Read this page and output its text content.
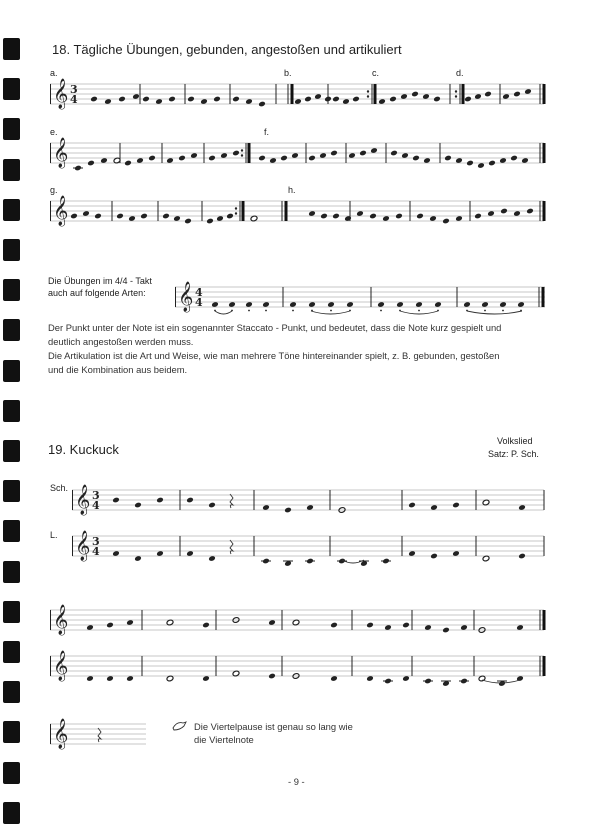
18. Tägliche Übungen, gebunden, angestoßen und artikuliert
a.	b.	c.	d.
e.	f.
g.	h.
Die Übungen im 4/4 - Takt
auch auf folgende Arten:
Der Punkt unter der Note ist ein sogenannter Staccato - Punkt, und bedeutet, dass die Note kurz gespielt und
deutlich angestoßen werden muss.
Die Artikulation ist die Art und Weise, wie man mehrere Töne hintereinander spielt, z. B. gebunden, gestoßen
und die Kombination aus beidem.
19. Kuckuck
Volkslied
Satz: P. Sch.
Sch.
L.
Die Viertelpause ist genau so lang wie
die Viertelnote
- 9 -
𝄞 3
4
𝄞
𝄞
𝄞 4
4
𝄞 3
4
𝄞 3
4
𝄞
𝄞
𝄞
